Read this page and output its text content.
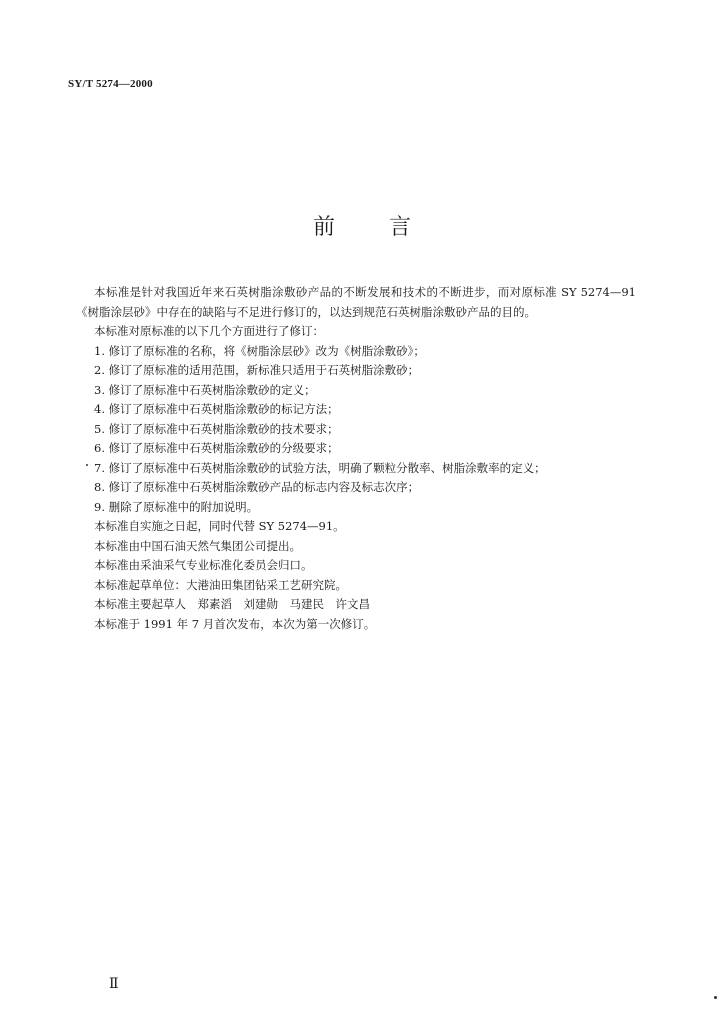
SY/T 5274—2000
前言

本标准是针对我国近年来石英树脂涂敷砂产品的不断发展和技术的不断进步，而对原标准 SY 5274—91《树脂涂层砂》中存在的缺陷与不足进行修订的，以达到规范石英树脂涂敷砂产品的目的。

本标准对原标准的以下几个方面进行了修订：

1. 修订了原标准的名称，将《树脂涂层砂》改为《树脂涂敷砂》；

2. 修订了原标准的适用范围，新标准只适用于石英树脂涂敷砂；

3. 修订了原标准中石英树脂涂敷砂的定义；

4. 修订了原标准中石英树脂涂敷砂的标记方法；

5. 修订了原标准中石英树脂涂敷砂的技术要求；

6. 修订了原标准中石英树脂涂敷砂的分级要求；

7. 修订了原标准中石英树脂涂敷砂的试验方法，明确了颗粒分散率、树脂涂敷率的定义；

8. 修订了原标准中石英树脂涂敷砂产品的标志内容及标志次序；

9. 删除了原标准中的附加说明。

本标准自实施之日起，同时代替 SY 5274—91。

本标准由中国石油天然气集团公司提出。

本标准由采油采气专业标准化委员会归口。

本标准起草单位：大港油田集团钻采工艺研究院。

本标准主要起草人　郑素滔　刘建勋　马建民　许文昌

本标准于 1991 年 7 月首次发布，本次为第一次修订。

Ⅱ
